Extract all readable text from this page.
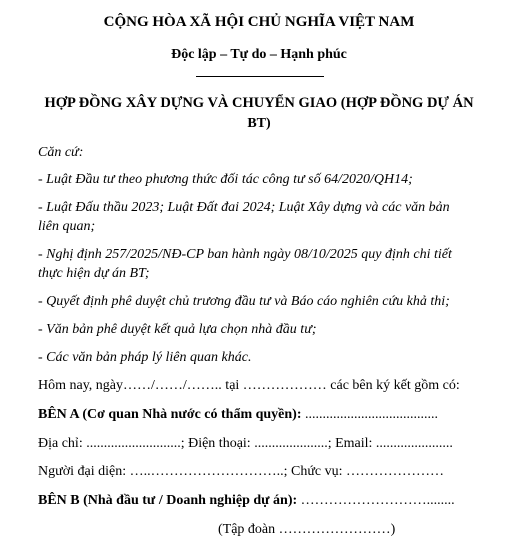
CỘNG HÒA XÃ HỘI CHỦ NGHĨA VIỆT NAM
Độc lập – Tự do – Hạnh phúc
HỢP ĐỒNG XÂY DỰNG VÀ CHUYỂN GIAO (HỢP ĐỒNG DỰ ÁN
BT)
Căn cứ:
- Luật Đầu tư theo phương thức đối tác công tư số 64/2020/QH14;
- Luật Đấu thầu 2023; Luật Đất đai 2024; Luật Xây dựng và các văn bản
liên quan;
- Nghị định 257/2025/NĐ-CP ban hành ngày 08/10/2025 quy định chi tiết
thực hiện dự án BT;
- Quyết định phê duyệt chủ trương đầu tư và Báo cáo nghiên cứu khả thi;
- Văn bản phê duyệt kết quả lựa chọn nhà đầu tư;
- Các văn bản pháp lý liên quan khác.
Hôm nay, ngày……/……/…….. tại ……………… các bên ký kết gồm có:
BÊN A (Cơ quan Nhà nước có thẩm quyền): ......................................
Địa chỉ: ...........................; Điện thoại: .....................; Email: ......................
Người đại diện: …..………………………..; Chức vụ: …………………
BÊN B (Nhà đầu tư / Doanh nghiệp dự án): ………………………........
(Tập đoàn ……………………)
